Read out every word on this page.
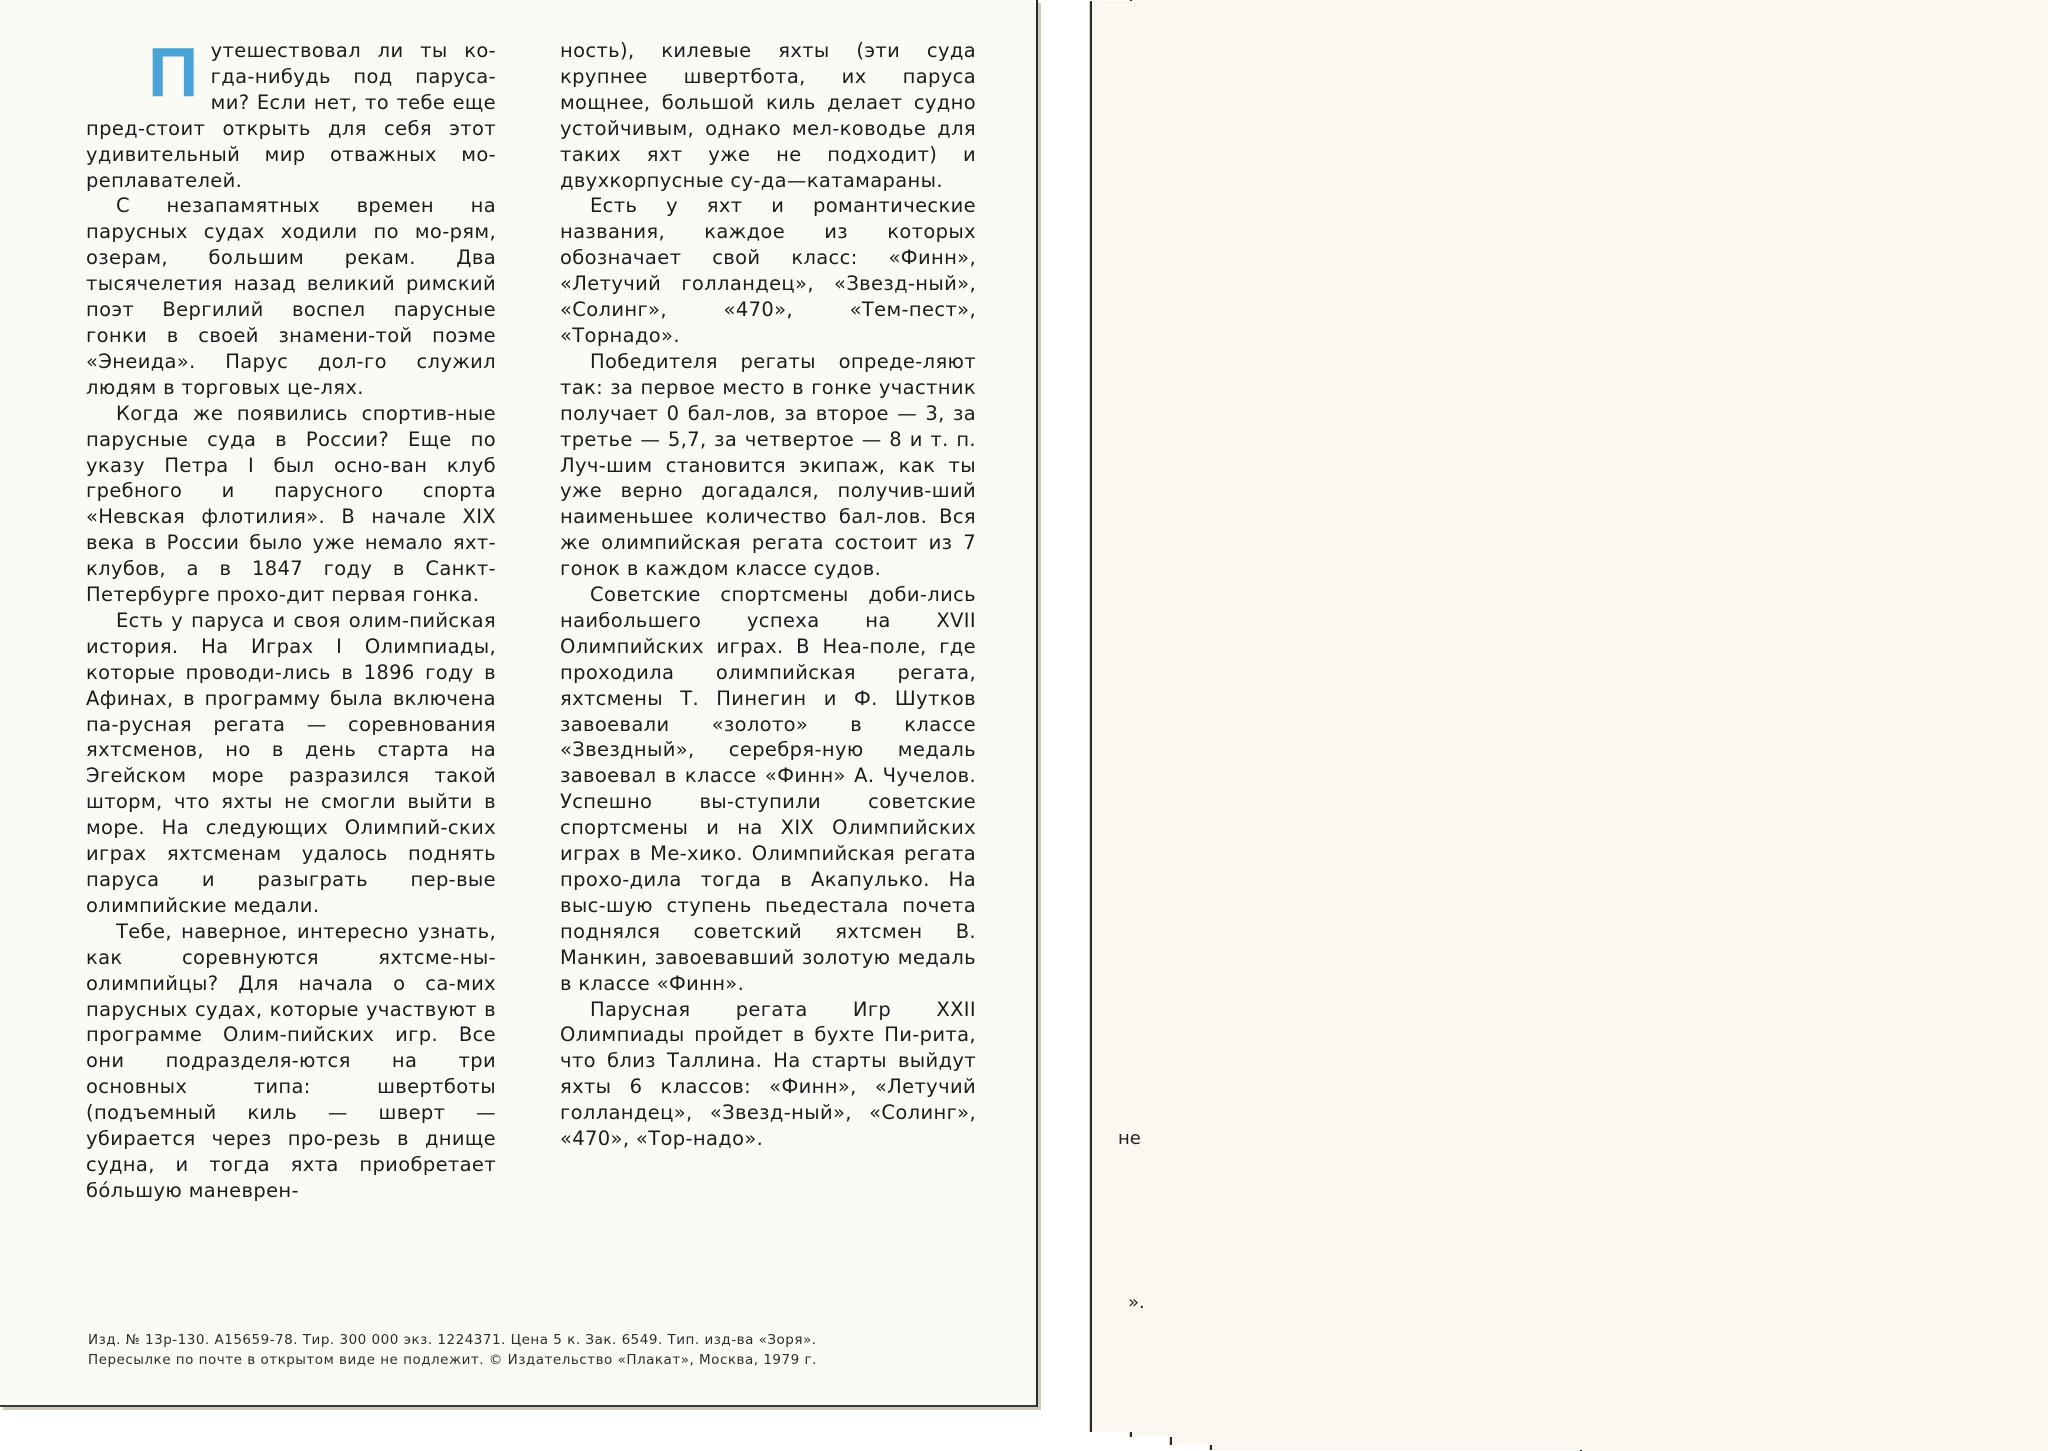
П утешествовал ли ты ко-гда-нибудь под паруса-ми? Если нет, то тебе еще пред-стоит открыть для себя этот удивительный мир отважных мо-реплавателей.

С незапамятных времен на парусных судах ходили по мо-рям, озерам, большим рекам. Два тысячелетия назад великий римский поэт Вергилий воспел парусные гонки в своей знамени-той поэме «Энеида». Парус дол-го служил людям в торговых це-лях.

Когда же появились спортив-ные парусные суда в России? Еще по указу Петра I был осно-ван клуб гребного и парусного спорта «Невская флотилия». В начале XIX века в России было уже немало яхт-клубов, а в 1847 году в Санкт-Петербурге прохо-дит первая гонка.

Есть у паруса и своя олим-пийская история. На Играх I Олимпиады, которые проводи-лись в 1896 году в Афинах, в программу была включена па-русная регата — соревнования яхтсменов, но в день старта на Эгейском море разразился такой шторм, что яхты не смогли выйти в море. На следующих Олимпий-ских играх яхтсменам удалось поднять паруса и разыграть пер-вые олимпийские медали.

Тебе, наверное, интересно узнать, как соревнуются яхтсме-ны-олимпийцы? Для начала о са-мих парусных судах, которые участвуют в программе Олим-пийских игр. Все они подразделя-ются на три основных типа: швертботы (подъемный киль — шверт — убирается через про-резь в днище судна, и тогда яхта приобретает бóльшую маневрен-

ность), килевые яхты (эти суда крупнее швертбота, их паруса мощнее, большой киль делает судно устойчивым, однако мел-ководье для таких яхт уже не подходит) и двухкорпусные су-да—катамараны.

Есть у яхт и романтические названия, каждое из которых обозначает свой класс: «Финн», «Летучий голландец», «Звезд-ный», «Солинг», «470», «Тем-пест», «Торнадо».

Победителя регаты опреде-ляют так: за первое место в гонке участник получает 0 бал-лов, за второе — 3, за третье — 5,7, за четвертое — 8 и т. п. Луч-шим становится экипаж, как ты уже верно догадался, получив-ший наименьшее количество бал-лов. Вся же олимпийская регата состоит из 7 гонок в каждом классе судов.

Советские спортсмены доби-лись наибольшего успеха на XVII Олимпийских играх. В Неа-поле, где проходила олимпийская регата, яхтсмены Т. Пинегин и Ф. Шутков завоевали «золото» в классе «Звездный», серебря-ную медаль завоевал в классе «Финн» А. Чучелов. Успешно вы-ступили советские спортсмены и на XIX Олимпийских играх в Ме-хико. Олимпийская регата прохо-дила тогда в Акапулько. На выс-шую ступень пьедестала почета поднялся советский яхтсмен В. Манкин, завоевавший золотую медаль в классе «Финн».

Парусная регата Игр XXII Олимпиады пройдет в бухте Пи-рита, что близ Таллина. На старты выйдут яхты 6 классов: «Финн», «Летучий голландец», «Звезд-ный», «Солинг», «470», «Тор-надо».

Изд. № 13р-130. А15659-78. Тир. 300 000 экз. 1224371. Цена 5 к. Зак. 6549. Тип. изд-ва «Зоря».
Пересылке по почте в открытом виде не подлежит. © Издательство «Плакат», Москва, 1979 г.
».
не
